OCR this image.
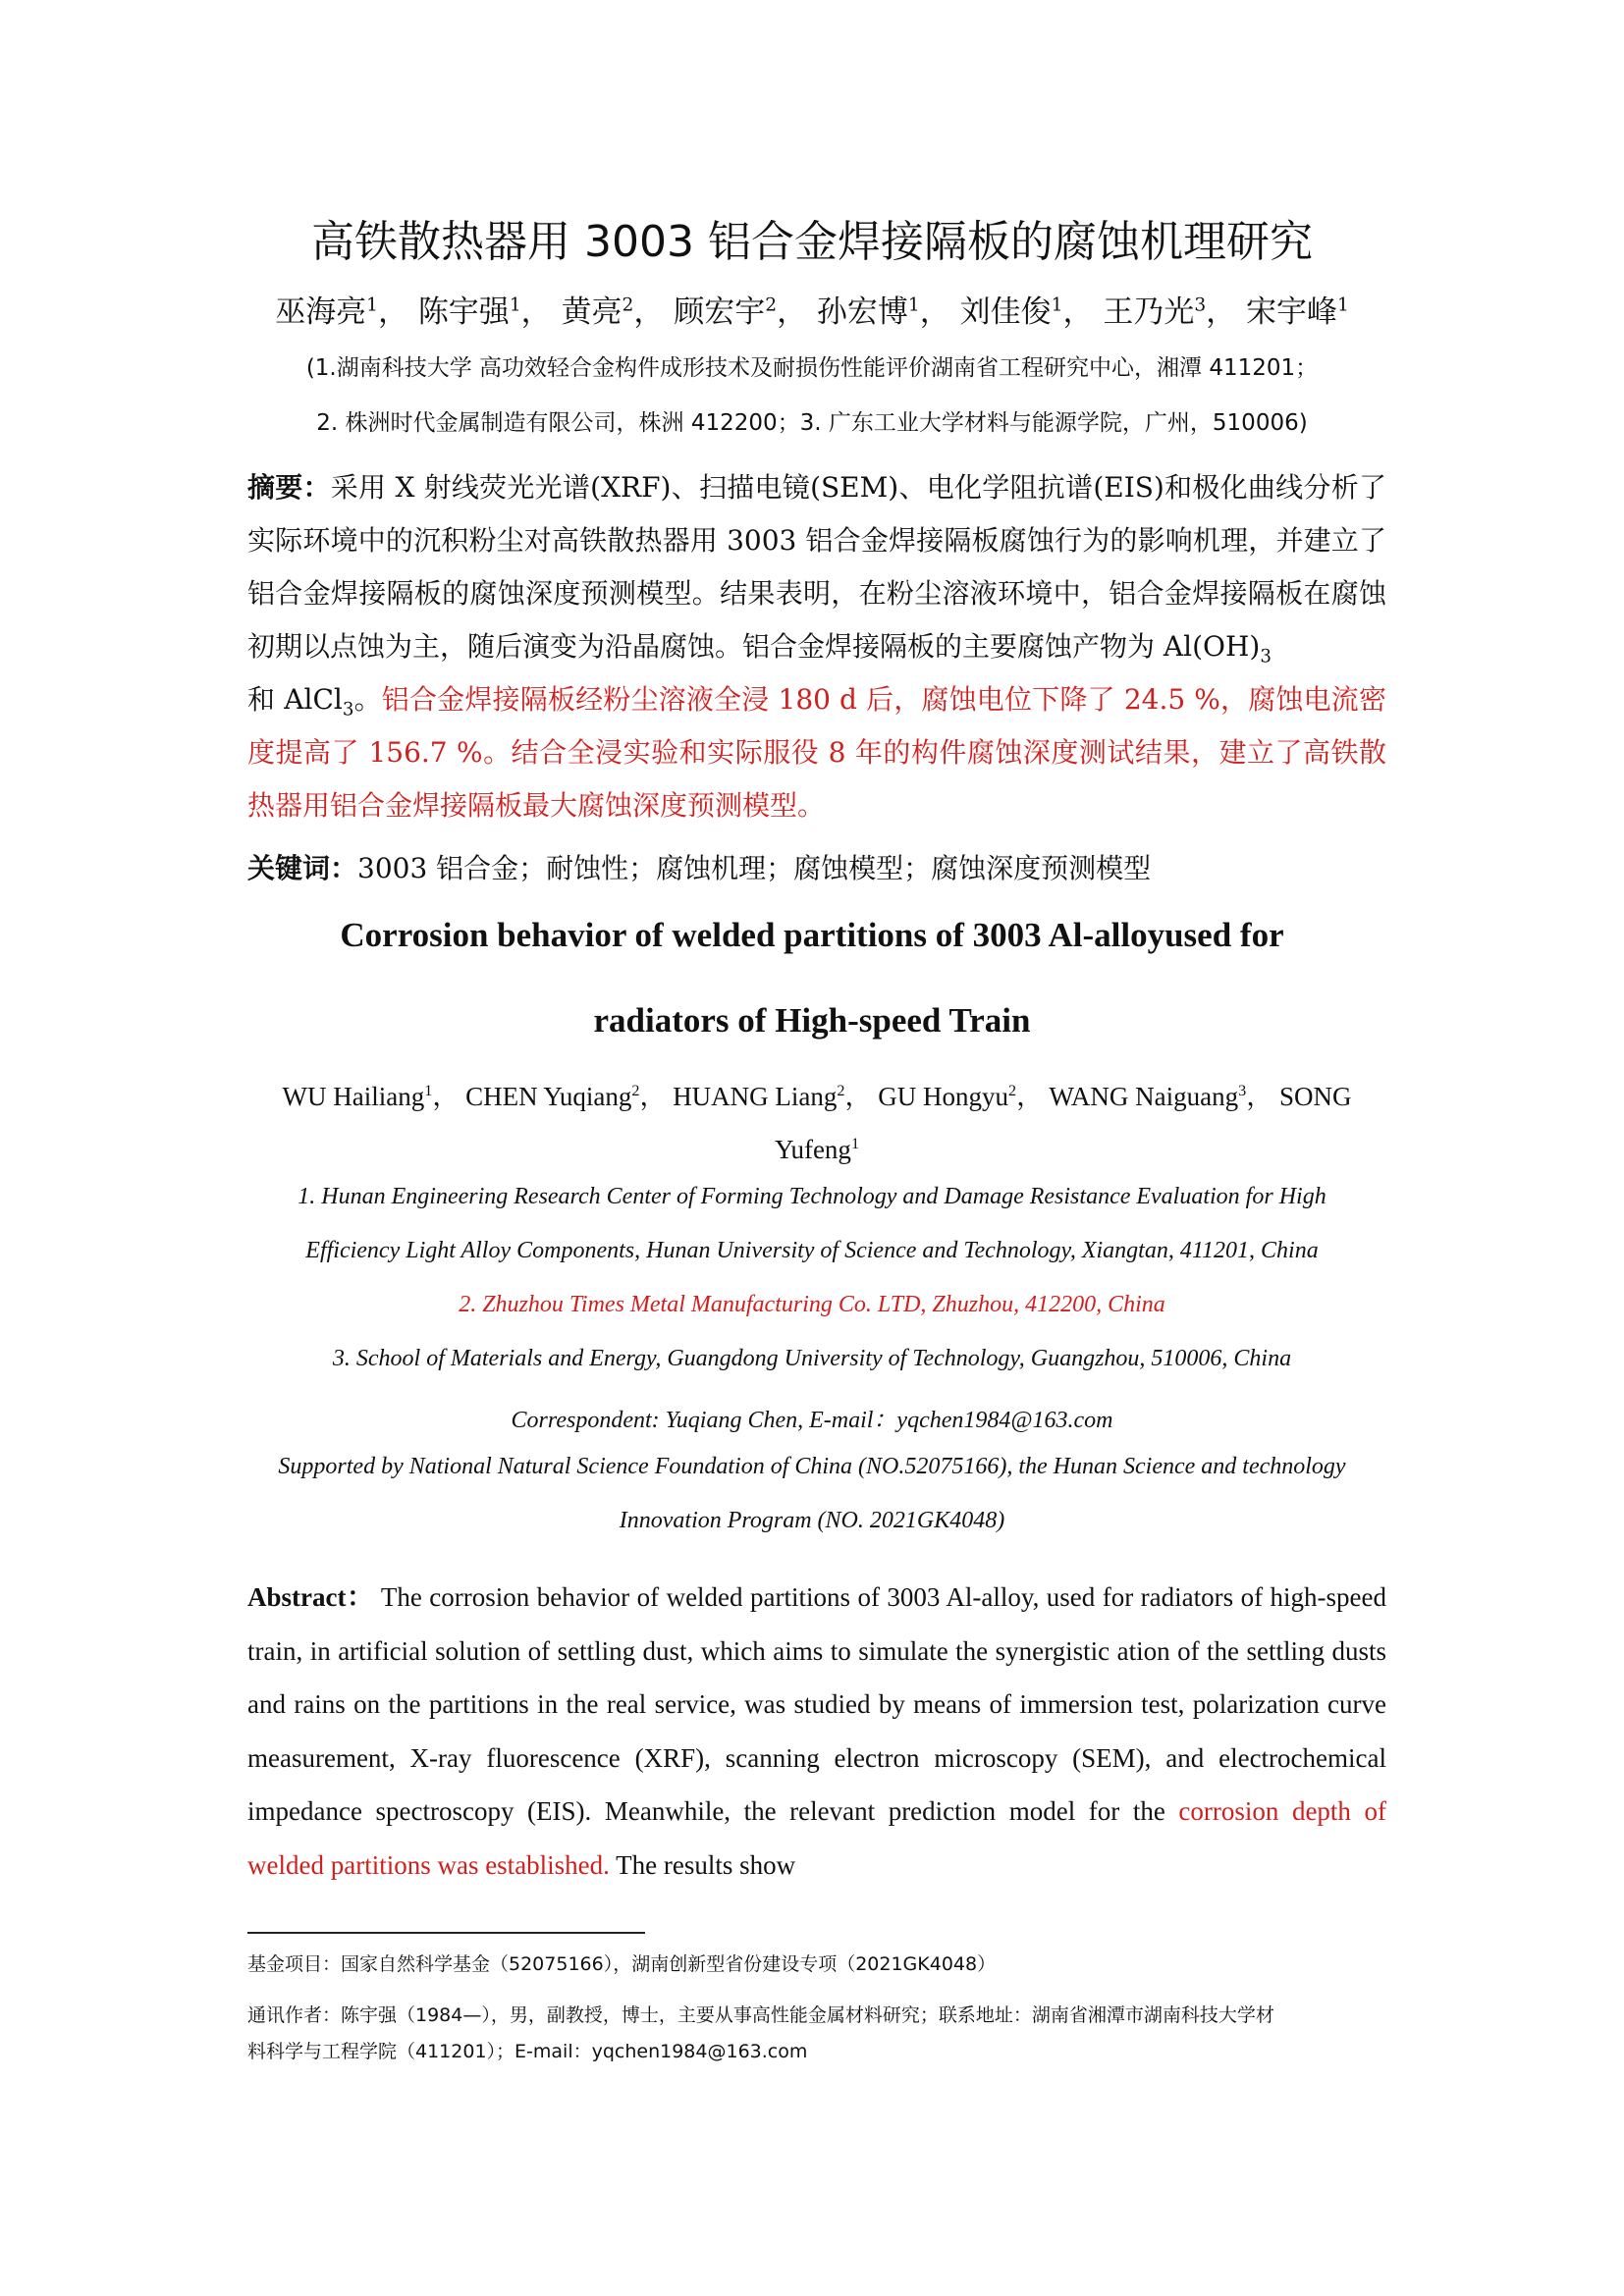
高铁散热器用 3003 铝合金焊接隔板的腐蚀机理研究
巫海亮$^1$， 陈宇强$^1$， 黄亮$^2$， 顾宏宇$^2$， 孙宏博$^1$， 刘佳俊$^1$， 王乃光$^3$， 宋宇峰$^1$
(1.湖南科技大学 高功效轻合金构件成形技术及耐损伤性能评价湖南省工程研究中心，湘潭 411201；
2. 株洲时代金属制造有限公司，株洲 412200；3. 广东工业大学材料与能源学院，广州，510006)
摘要：采用 X 射线荧光光谱(XRF)、扫描电镜(SEM)、电化学阻抗谱(EIS)和极化曲线分析了实际环境中的沉积粉尘对高铁散热器用 3003 铝合金焊接隔板腐蚀行为的影响机理，并建立了铝合金焊接隔板的腐蚀深度预测模型。结果表明，在粉尘溶液环境中，铝合金焊接隔板在腐蚀初期以点蚀为主，随后演变为沿晶腐蚀。铝合金焊接隔板的主要腐蚀产物为 $Al(OH)_3$
和 AlCl$_3$。铝合金焊接隔板经粉尘溶液全浸 180 d 后，腐蚀电位下降了 24.5 %，腐蚀电流密度提高了 156.7 %。结合全浸实验和实际服役 8 年的构件腐蚀深度测试结果，建立了高铁散热器用铝合金焊接隔板最大腐蚀深度预测模型。
关键词：3003 铝合金；耐蚀性；腐蚀机理；腐蚀模型；腐蚀深度预测模型
Corrosion behavior of welded partitions of 3003 Al-alloyused for
radiators of High-speed Train
WU Hailiang$^1$， CHEN Yuqiang$^2$， HUANG Liang$^2$， GU Hongyu$^2$， WANG Naiguang$^3$， SONG Yufeng$^1$
1. Hunan Engineering Research Center of Forming Technology and Damage Resistance Evaluation for High
Efficiency Light Alloy Components, Hunan University of Science and Technology, Xiangtan, 411201, China
2. Zhuzhou Times Metal Manufacturing Co. LTD, Zhuzhou, 412200, China
3. School of Materials and Energy, Guangdong University of Technology, Guangzhou, 510006, China
Correspondent: Yuqiang Chen, E-mail：yqchen1984@163.com
Supported by National Natural Science Foundation of China (NO.52075166), the Hunan Science and technology
Innovation Program (NO. 2021GK4048)
Abstract： The corrosion behavior of welded partitions of 3003 Al-alloy, used for radiators of high-speed train, in artificial solution of settling dust, which aims to simulate the synergistic ation of the settling dusts and rains on the partitions in the real service, was studied by means of immersion test, polarization curve measurement, X-ray fluorescence (XRF), scanning electron microscopy (SEM), and electrochemical impedance spectroscopy (EIS). Meanwhile, the relevant prediction model for the corrosion depth of welded partitions was established. The results show
基金项目：国家自然科学基金（52075166），湖南创新型省份建设专项（2021GK4048）
通讯作者：陈宇强（1984—），男，副教授，博士，主要从事高性能金属材料研究；联系地址：湖南省湘潭市湖南科技大学材
料科学与工程学院（411201）；E-mail：yqchen1984@163.com
